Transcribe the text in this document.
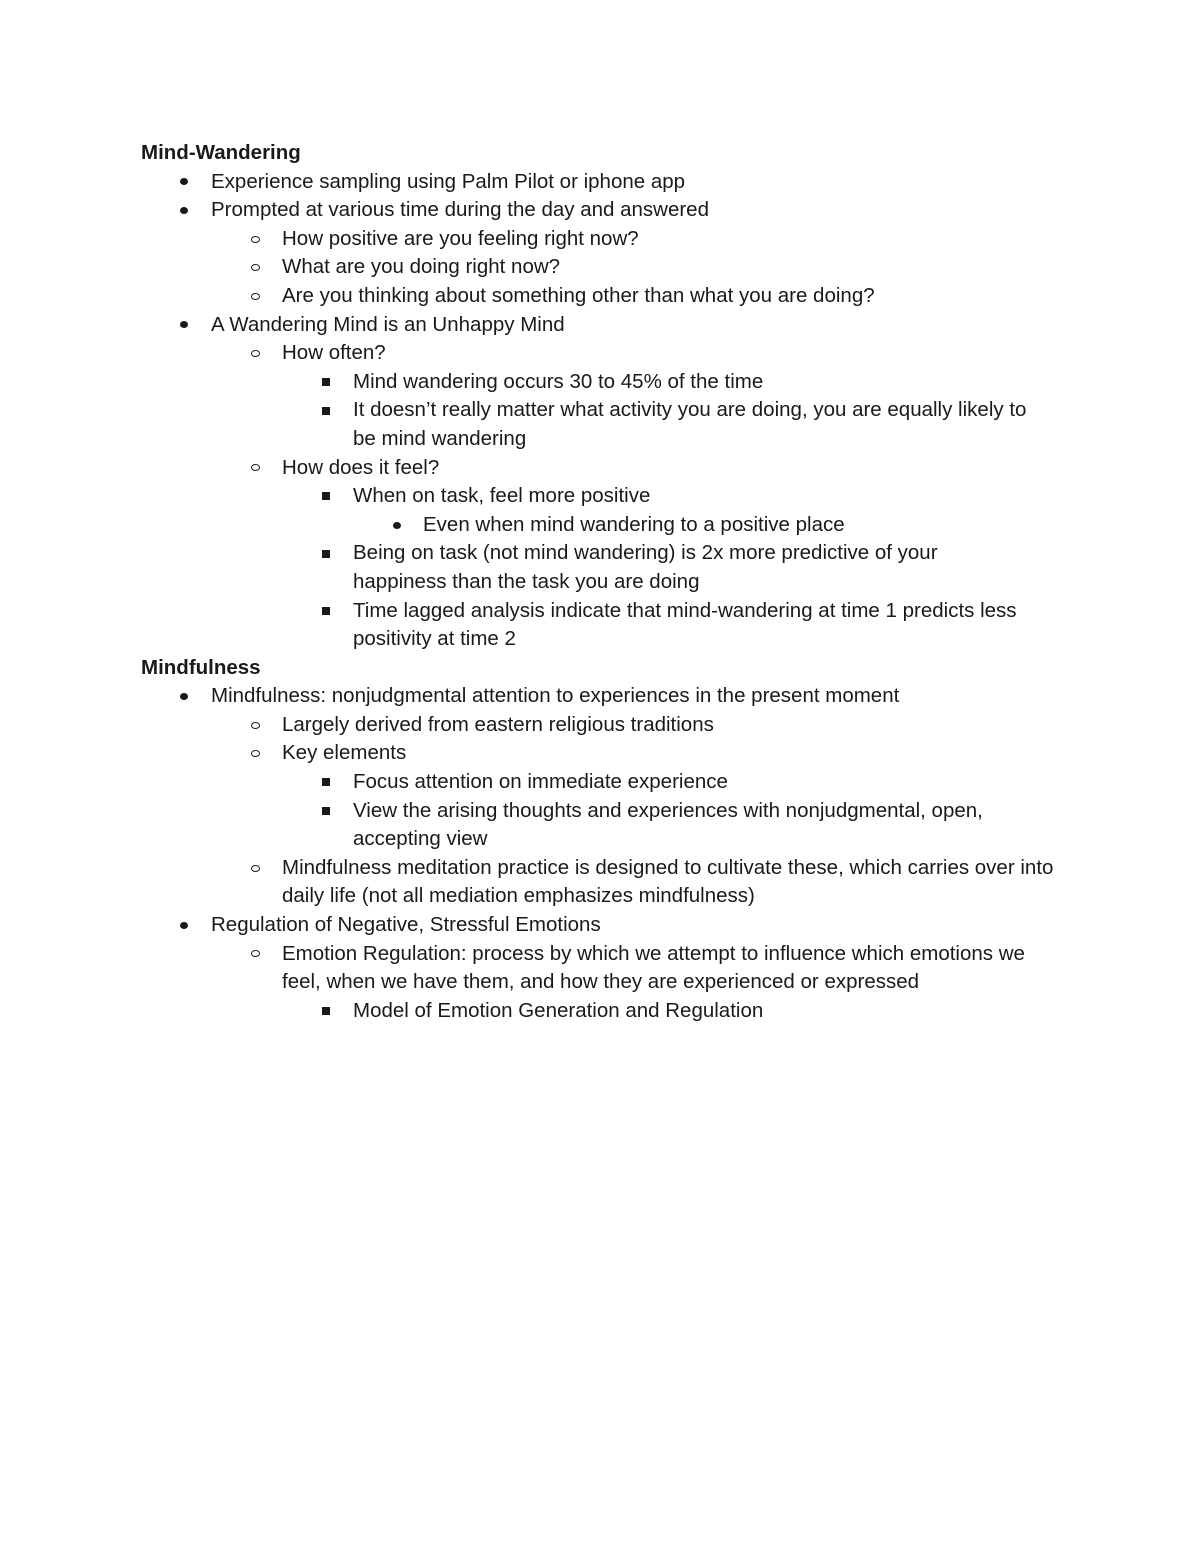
Mind-Wandering

Experience sampling using Palm Pilot or iphone app
Prompted at various time during the day and answered
How positive are you feeling right now?
What are you doing right now?
Are you thinking about something other than what you are doing?
A Wandering Mind is an Unhappy Mind
How often?
Mind wandering occurs 30 to 45% of the time
It doesn’t really matter what activity you are doing, you are equally likely to be mind wandering
How does it feel?
When on task, feel more positive
Even when mind wandering to a positive place
Being on task (not mind wandering) is 2x more predictive of your happiness than the task you are doing
Time lagged analysis indicate that mind-wandering at time 1 predicts less positivity at time 2

Mindfulness

Mindfulness: nonjudgmental attention to experiences in the present moment
Largely derived from eastern religious traditions
Key elements
Focus attention on immediate experience
View the arising thoughts and experiences with nonjudgmental, open, accepting view
Mindfulness meditation practice is designed to cultivate these, which carries over into daily life (not all mediation emphasizes mindfulness)
Regulation of Negative, Stressful Emotions
Emotion Regulation: process by which we attempt to influence which emotions we feel, when we have them, and how they are experienced or expressed
Model of Emotion Generation and Regulation
